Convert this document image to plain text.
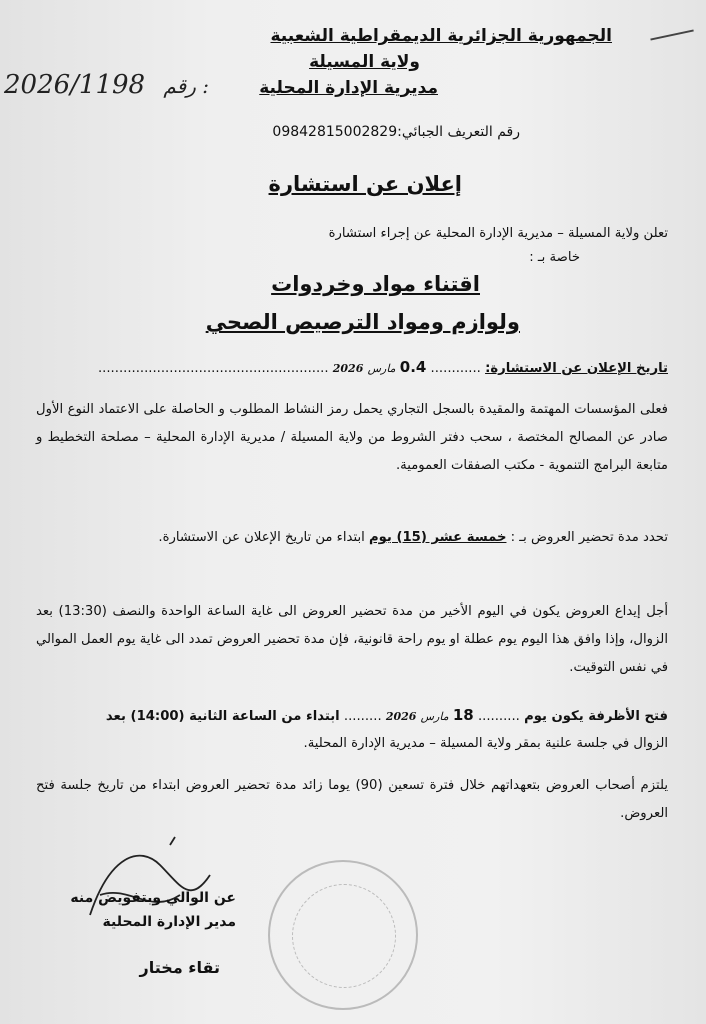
الجمهورية الجزائرية الديمقراطية الشعبية
ولاية المسيلة
مديرية الإدارة المحلية
2026/1198 رقم :
رقم التعريف الجبائي:09842815002829
إعلان عن استشارة
تعلن ولاية المسيلة – مديرية الإدارة المحلية عن إجراء استشارة
خاصة بـ :
اقتناء مواد وخردوات
ولوازم ومواد الترصيص الصحي
تاريخ الإعلان عن الاستشارة: ............ 0.4 مارس 2026 .......................................................
فعلى المؤسسات المهتمة والمقيدة بالسجل التجاري يحمل رمز النشاط المطلوب و الحاصلة على الاعتماد النوع الأول صادر عن المصالح المختصة ، سحب دفتر الشروط من ولاية المسيلة / مديرية الإدارة المحلية – مصلحة التخطيط و متابعة البرامج التنموية - مكتب الصفقات العمومية.
تحدد مدة تحضير العروض بـ : خمسة عشر (15) يوم ابتداء من تاريخ الإعلان عن الاستشارة.
أجل إيداع العروض يكون في اليوم الأخير من مدة تحضير العروض الى غاية الساعة الواحدة والنصف (13:30) بعد الزوال، وإذا وافق هذا اليوم يوم عطلة او يوم راحة قانونية، فإن مدة تحضير العروض تمدد الى غاية يوم العمل الموالي في نفس التوقيت.
فتح الأظرفة يكون يوم .......... 18 مارس 2026 ......... ابتداء من الساعة الثانية (14:00) بعد
الزوال في جلسة علنية بمقر ولاية المسيلة – مديرية الإدارة المحلية.
يلتزم أصحاب العروض بتعهداتهم خلال فترة تسعين (90) يوما زائد مدة تحضير العروض ابتداء من تاريخ جلسة فتح العروض.
عن الوالي وبتفويض منه
مدير الإدارة المحلية
تقاء مختار
